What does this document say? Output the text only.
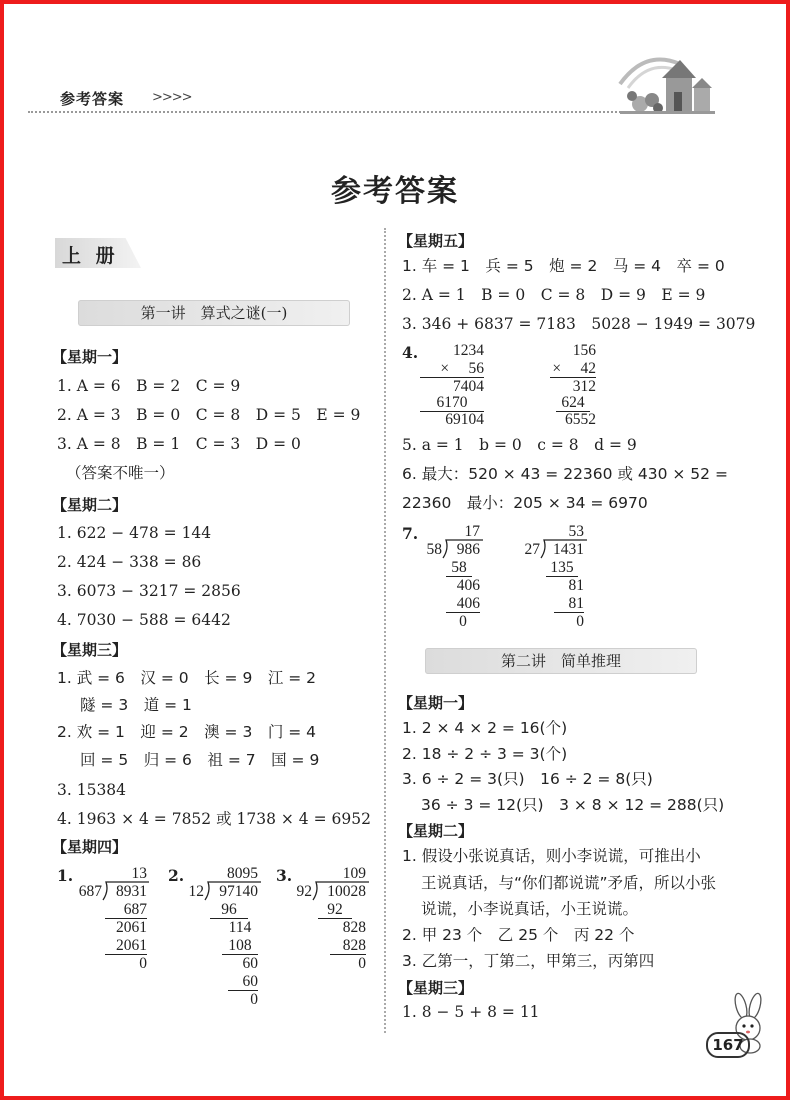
参考答案 >>>>
参考答案
上 册
第一讲　算式之谜(一)
【星期一】
1. A = 6　B = 2　C = 9
2. A = 3　B = 0　C = 8　D = 5　E = 9
3. A = 8　B = 1　C = 3　D = 0
（答案不唯一）
【星期二】
1. 622 − 478 = 144
2. 424 − 338 = 86
3. 6073 − 3217 = 2856
4. 7030 − 588 = 6442
【星期三】
1. 武 = 6　汉 = 0　长 = 9　江 = 2
隧 = 3　道 = 1
2. 欢 = 1　迎 = 2　澳 = 3　门 = 4
回 = 5　归 = 6　祖 = 7　国 = 9
3. 15384
4. 1963 × 4 = 7852 或 1738 × 4 = 6952
【星期四】
1.	13
687 8931
687
2061
2061
0
2.	8095
12 97140
96
114
108
60
60
0
3.	109
92 10028
92
828
828
0
【星期五】
1. 车 = 1　兵 = 5　炮 = 2　马 = 4　卒 = 0
2. A = 1　B = 0　C = 8　D = 9　E = 9
3. 346 + 6837 = 7183　5028 − 1949 = 3079
4.	1234
× 　56
7404
6170
69104
156
× 　42
312
624
6552
5. a = 1　b = 0　c = 8　d = 9
6. 最大：520 × 43 = 22360 或 430 × 52 =
22360　最小：205 × 34 = 6970
7.	17
58 986
58
406
406
0
53
27 1431
135
81
81
0
第二讲　简单推理
【星期一】
1. 2 × 4 × 2 = 16(个)
2. 18 ÷ 2 ÷ 3 = 3(个)
3. 6 ÷ 2 = 3(只)　16 ÷ 2 = 8(只)
36 ÷ 3 = 12(只)　3 × 8 × 12 = 288(只)
【星期二】
1. 假设小张说真话，则小李说谎，可推出小
王说真话，与“你们都说谎”矛盾，所以小张
说谎，小李说真话，小王说谎。
2. 甲 23 个　乙 25 个　丙 22 个
3. 乙第一，丁第二，甲第三，丙第四
【星期三】
1. 8 − 5 + 8 = 11
167
